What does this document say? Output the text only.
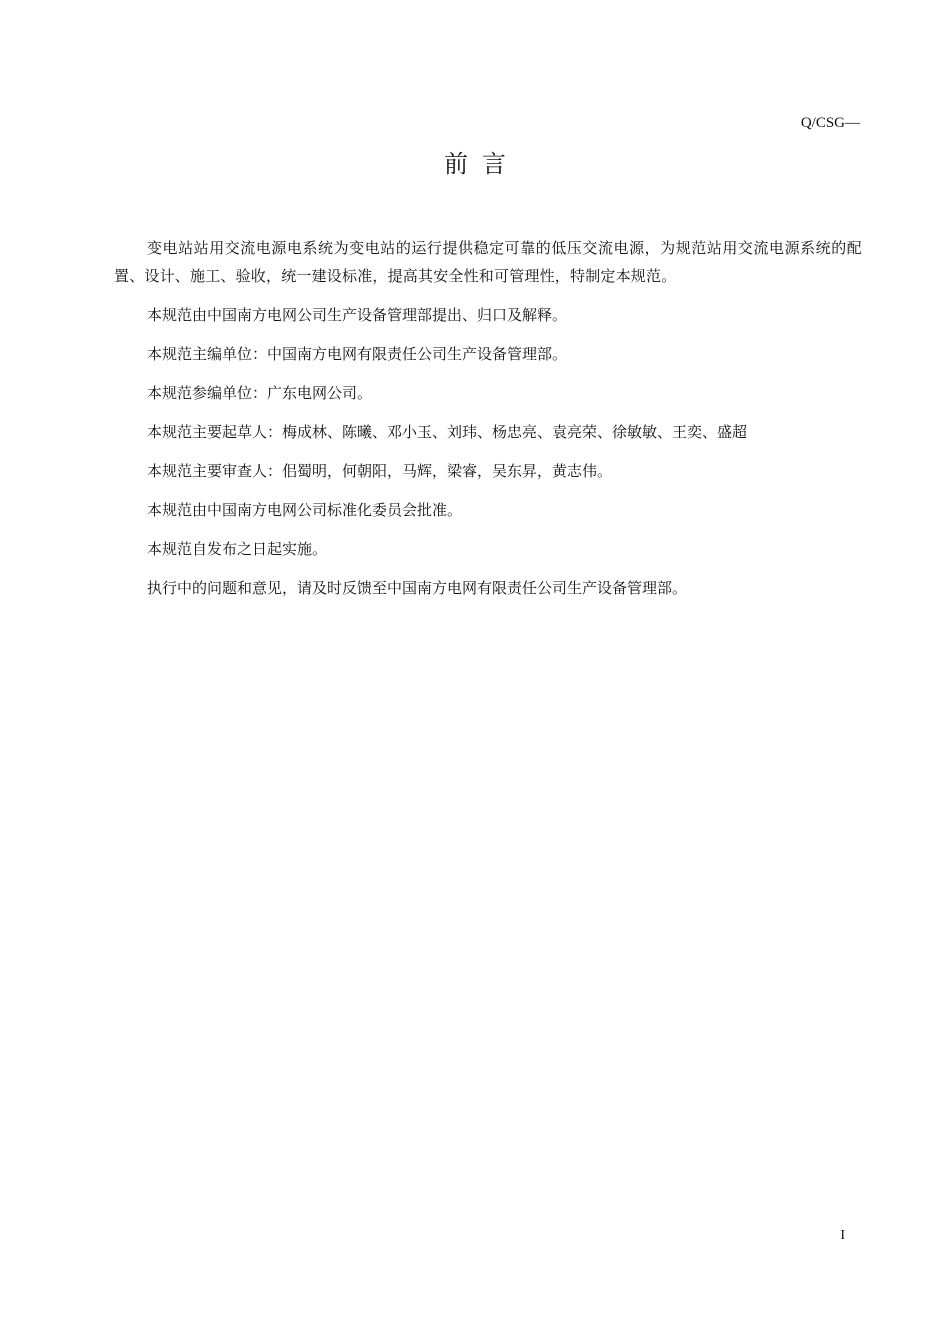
Q/CSG—
前言

变电站站用交流电源电系统为变电站的运行提供稳定可靠的低压交流电源，为规范站用交流电源系统的配置、设计、施工、验收，统一建设标准，提高其安全性和可管理性，特制定本规范。

本规范由中国南方电网公司生产设备管理部提出、归口及解释。

本规范主编单位：中国南方电网有限责任公司生产设备管理部。

本规范参编单位：广东电网公司。

本规范主要起草人：梅成林、陈曦、邓小玉、刘玮、杨忠亮、袁亮荣、徐敏敏、王奕、盛超

本规范主要审查人：佀蜀明，何朝阳，马辉，梁睿，吴东昇，黄志伟。

本规范由中国南方电网公司标准化委员会批准。

本规范自发布之日起实施。

执行中的问题和意见，请及时反馈至中国南方电网有限责任公司生产设备管理部。

I
